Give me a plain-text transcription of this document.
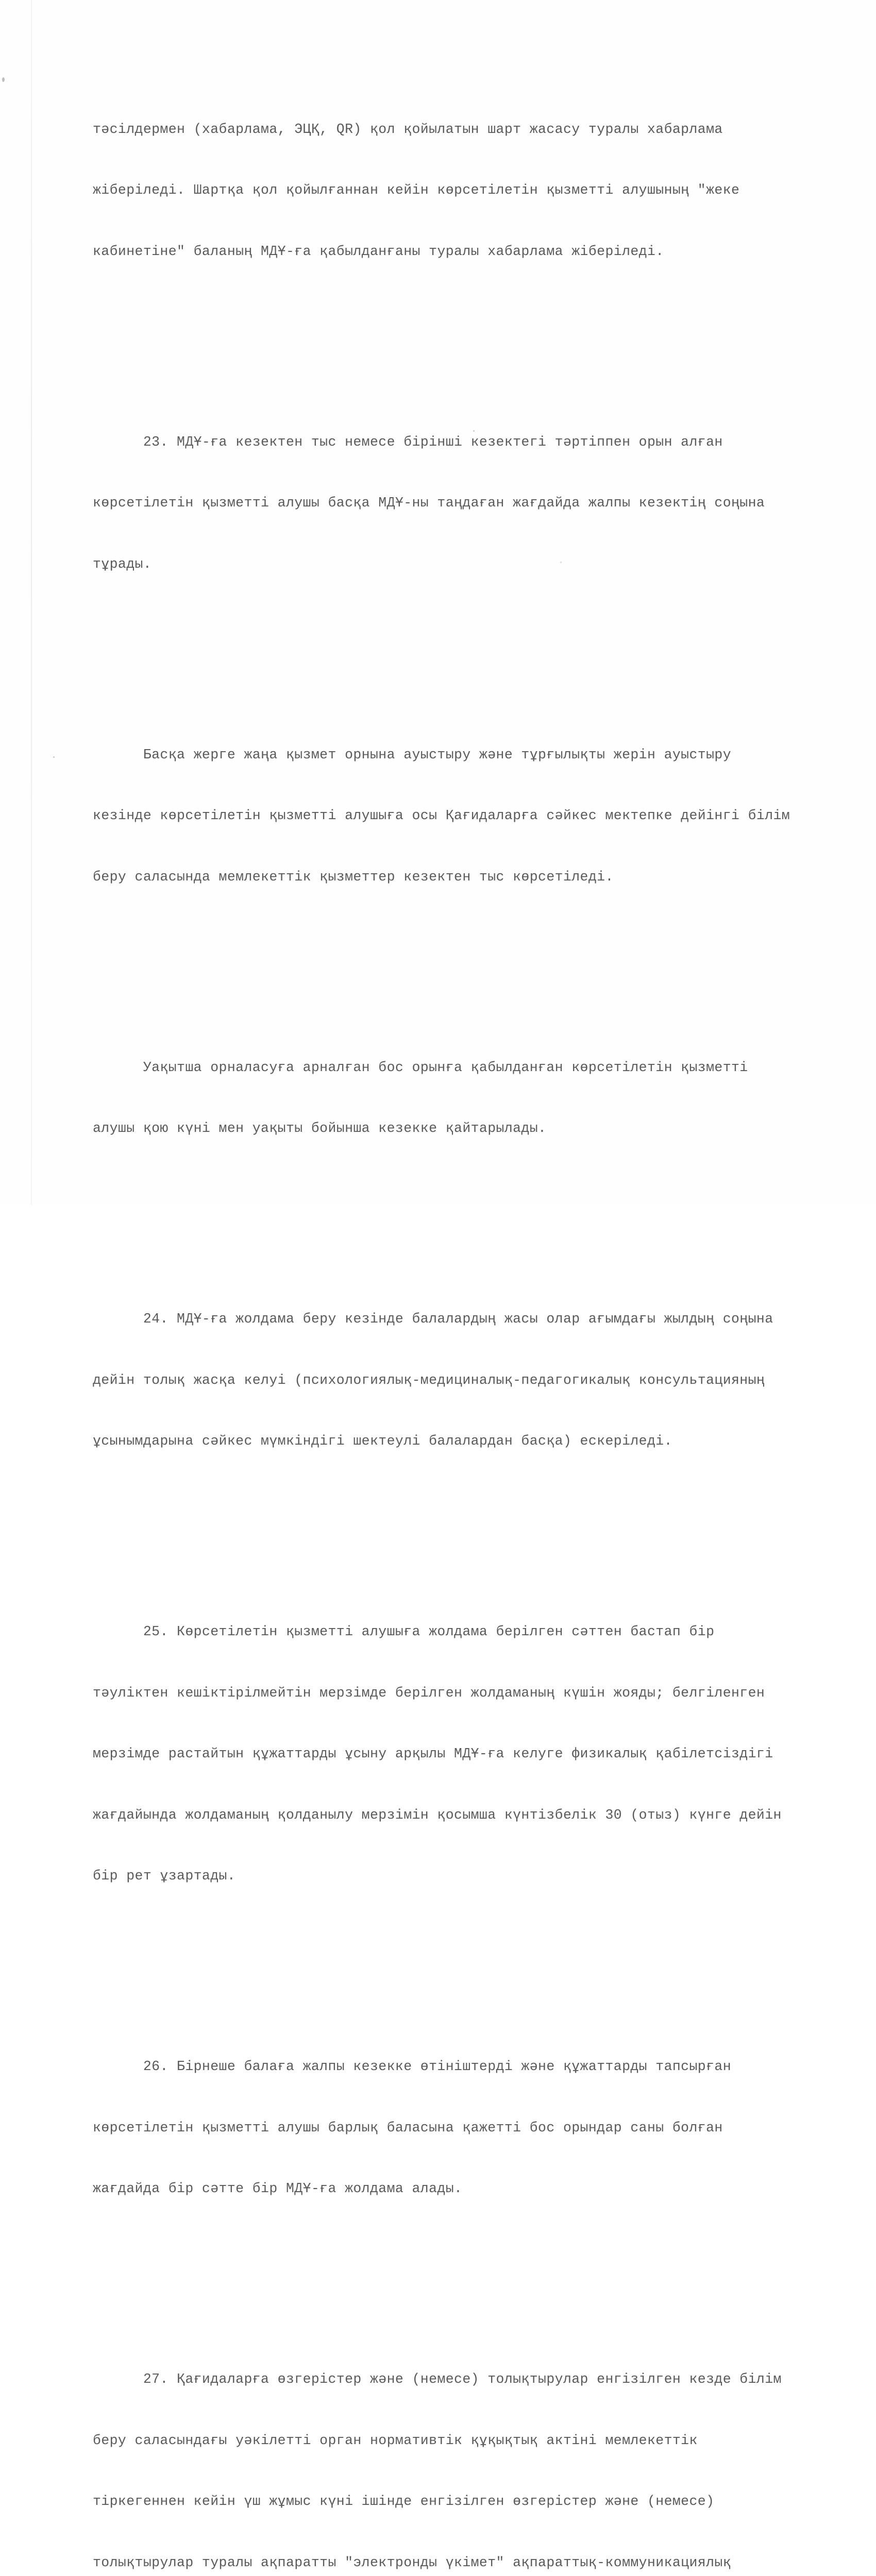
тәсілдермен (хабарлама, ЭЦҚ, QR) қол қойылатын шарт жасасу туралы хабарлама

жіберіледі. Шартқа қол қойылғаннан кейін көрсетілетін қызметті алушының "жеке

кабинетіне" баланың МДҰ-ға қабылданғаны туралы хабарлама жіберіледі.

23. МДҰ-ға кезектен тыс немесе бірінші кезектегі тәртіппен орын алған

көрсетілетін қызметті алушы басқа МДҰ-ны таңдаған жағдайда жалпы кезектің соңына

тұрады.

Басқа жерге жаңа қызмет орнына ауыстыру және тұрғылықты жерін ауыстыру

кезінде көрсетілетін қызметті алушыға осы Қағидаларға сәйкес мектепке дейінгі білім

беру саласында мемлекеттік қызметтер кезектен тыс көрсетіледі.

Уақытша орналасуға арналған бос орынға қабылданған көрсетілетін қызметті

алушы қою күні мен уақыты бойынша кезекке қайтарылады.

24. МДҰ-ға жолдама беру кезінде балалардың жасы олар ағымдағы жылдың соңына

дейін толық жасқа келуі (психологиялық-медициналық-педагогикалық консультацияның

ұсынымдарына сәйкес мүмкіндігі шектеулі балалардан басқа) ескеріледі.

25. Көрсетілетін қызметті алушыға жолдама берілген сәттен бастап бір

тәуліктен кешіктірілмейтін мерзімде берілген жолдаманың күшін жояды; белгіленген

мерзімде растайтын құжаттарды ұсыну арқылы МДҰ-ға келуге физикалық қабілетсіздігі

жағдайында жолдаманың қолданылу мерзімін қосымша күнтізбелік 30 (отыз) күнге дейін

бір рет ұзартады.

26. Бірнеше балаға жалпы кезекке өтініштерді және құжаттарды тапсырған

көрсетілетін қызметті алушы барлық баласына қажетті бос орындар саны болған

жағдайда бір сәтте бір МДҰ-ға жолдама алады.

27. Қағидаларға өзгерістер және (немесе) толықтырулар енгізілген кезде білім

беру саласындағы уәкілетті орган нормативтік құқықтық актіні мемлекеттік

тіркегеннен кейін үш жұмыс күні ішінде енгізілген өзгерістер және (немесе)

толықтырулар туралы ақпаратты "электронды үкімет" ақпараттық-коммуникациялық
